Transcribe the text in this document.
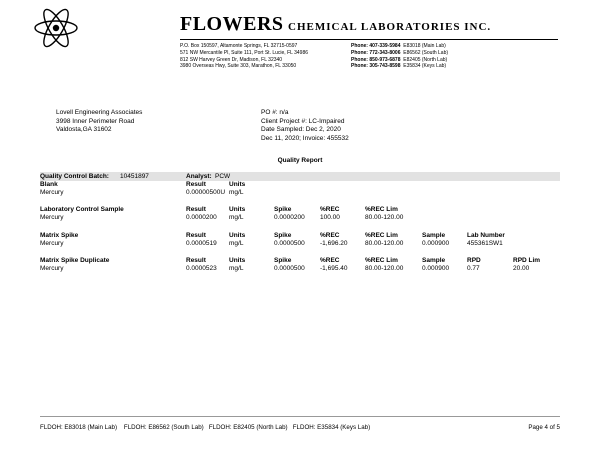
FLOWERS CHEMICAL LABORATORIES INC.
P.O. Box 150597, Altamonte Springs, FL 32715-0597
571 NW Mercantile Pl, Suite 111, Port St. Lucie, FL 34986
812 SW Harvey Green Dr, Madison, FL 32340
3980 Overseas Hwy, Suite 303, Marathon, FL 33050
Phone: 407-339-5984 E83018 (Main Lab)
Phone: 772-343-8006 E86562 (South Lab)
Phone: 850-973-6878 E82405 (North Lab)
Phone: 305-743-8598 E35834 (Keys Lab)
Lovell Engineering Associates
3998 Inner Perimeter Road
Valdosta,GA 31602
PO #: n/a
Client Project #: LC-Impaired
Date Sampled: Dec 2, 2020
Dec 11, 2020; Invoice: 455532
Quality Report
Quality Control Batch: 10451897	Analyst: PCW
Blank	Result	Units
Mercury	0.00000500U mg/L
Laboratory Control Sample	Result	Units	Spike	%REC	%REC Lim
Mercury	0.0000200 mg/L	0.0000200 100.00	80.00-120.00
Matrix Spike	Result	Units	Spike	%REC	%REC Lim	Sample	Lab Number
Mercury	0.0000519 mg/L	0.0000500 -1,696.20	80.00-120.00	0.000900	455361SW1
Matrix Spike Duplicate	Result	Units	Spike	%REC	%REC Lim	Sample	RPD	RPD Lim
Mercury	0.0000523 mg/L	0.0000500 -1,695.40	80.00-120.00	0.000900	0.77	20.00
FLDOH: E83018 (Main Lab)    FLDOH: E86562 (South Lab)   FLDOH: E82405 (North Lab)   FLDOH: E35834 (Keys Lab)	Page 4 of 5
